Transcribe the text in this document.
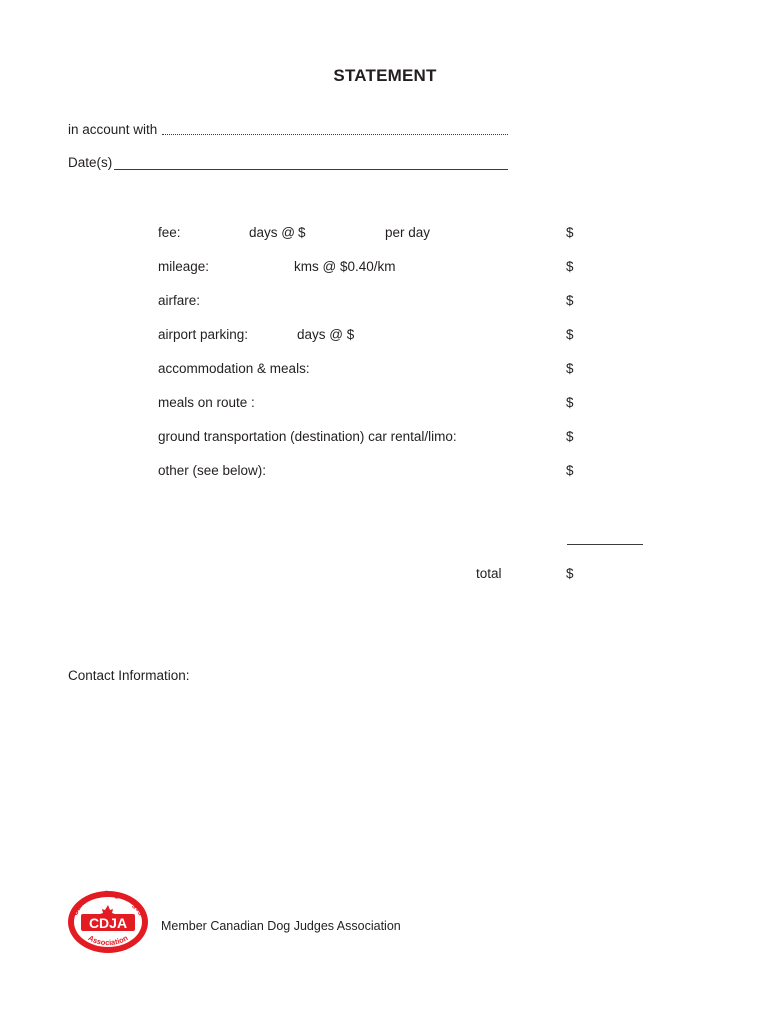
STATEMENT
in account with
Date(s)
fee:	days @ $	per day	$
mileage:	kms @ $0.40/km	$
airfare:	$
airport parking:	days @ $	$
accommodation & meals:	$
meals on route :	$
ground transportation (destination) car rental/limo:	$
other (see below):	$
total	$
Contact Information:
Canadian Dog Judges
Association
CDJA	Member Canadian Dog Judges Association
